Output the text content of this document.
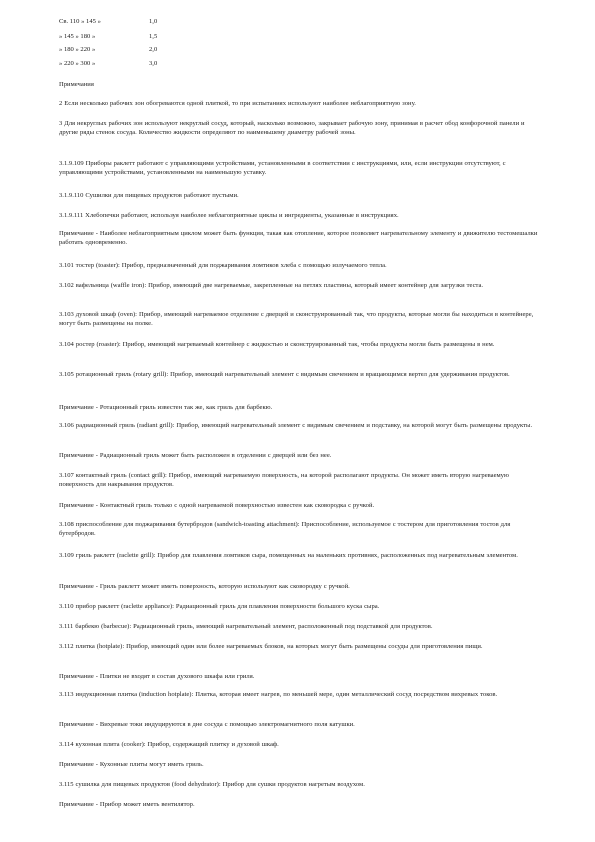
Св. 110 » 145 »	1,0
» 145 » 180 »	1,5
» 180 » 220 »	2,0
» 220 » 300 »	3,0

Примечания

2 Если несколько рабочих зон обогреваются одной плиткой, то при испытаниях используют наиболее неблагоприятную зону.

3 Для некруглых рабочих зон используют некруглый сосуд, который, насколько возможно, закрывает рабочую зону, принимая в расчет обод конфорочной панели и другие ряды стенок сосуда. Количество жидкости определяют по наименьшему диаметру рабочей зоны.

3.1.9.109 Приборы раклетт работают с управляющими устройствами, установленными в соответствии с инструкциями, или, если инструкции отсутствуют, с управляющими устройствами, установленными на наименьшую уставку.

3.1.9.110 Сушилки для пищевых продуктов работают пустыми.

3.1.9.111 Хлебопечки работают, используя наиболее неблагоприятные циклы и ингредиенты, указанные в инструкциях.

Примечание - Наиболее неблагоприятным циклом может быть функция, такая как отопление, которое позволяет нагревательному элементу и движителю тестомешалки работать одновременно.

3.101 тостер (toaster): Прибор, предназначенный для поджаривания ломтиков хлеба с помощью излучаемого тепла.

3.102 вафельница (waffle iron): Прибор, имеющий две нагреваемые, закрепленные на петлях пластины, который имеет контейнер для загрузки теста.

3.103 духовой шкаф (oven): Прибор, имеющий нагреваемое отделение с дверцей и сконструированный так, что продукты, которые могли бы находиться в контейнере, могут быть размещены на полке.

3.104 ростер (roaster): Прибор, имеющий нагреваемый контейнер с жидкостью и сконструированный так, чтобы продукты могли быть размещены в нем.

3.105 ротационный гриль (rotary grill): Прибор, имеющий нагревательный элемент с видимым свечением и вращающимся вертел для удерживания продуктов.

Примечание - Ротационный гриль известен так же, как гриль для барбекю.

3.106 радиационный гриль (radiant grill): Прибор, имеющий нагревательный элемент с видимым свечением и подставку, на которой могут быть размещены продукты.

Примечание - Радиационный гриль может быть расположен в отделении с дверцей или без нее.

3.107 контактный гриль (contact grill): Прибор, имеющий нагреваемую поверхность, на которой располагают продукты. Он может иметь вторую нагреваемую поверхность для накрывания продуктов.

Примечание - Контактный гриль только с одной нагреваемой поверхностью известен как сковородка с ручкой.

3.108 приспособление для поджаривания бутербродов (sandwich-toasting attachment): Приспособление, используемое с тостером для приготовления тостов для бутербродов.

3.109 гриль раклетт (raclette grill): Прибор для плавления ломтиков сыра, помещенных на маленьких противнях, расположенных под нагревательным элементом.

Примечание - Гриль раклетт может иметь поверхность, которую используют как сковородку с ручкой.

3.110 прибор раклетт (raclette appliance): Радиационный гриль для плавления поверхности большого куска сыра.

3.111 барбекю (barbecue): Радиационный гриль, имеющий нагревательный элемент, расположенный под подставкой для продуктов.

3.112 плитка (hotplate): Прибор, имеющий один или более нагреваемых блоков, на которых могут быть размещены сосуды для приготовления пищи.

Примечание - Плитки не входят в состав духового шкафа или гриля.

3.113 индукционная плитка (induction hotplate): Плитка, которая имеет нагрев, по меньшей мере, один металлический сосуд посредством вихревых токов.

Примечание - Вихревые токи индуцируются в дне сосуда с помощью электромагнитного поля катушки.

3.114 кухонная плита (cooker): Прибор, содержащий плитку и духовой шкаф.

Примечание - Кухонные плиты могут иметь гриль.

3.115 сушилка для пищевых продуктов (food dehydrator): Прибор для сушки продуктов нагретым воздухом.

Примечание - Прибор может иметь вентилятор.
